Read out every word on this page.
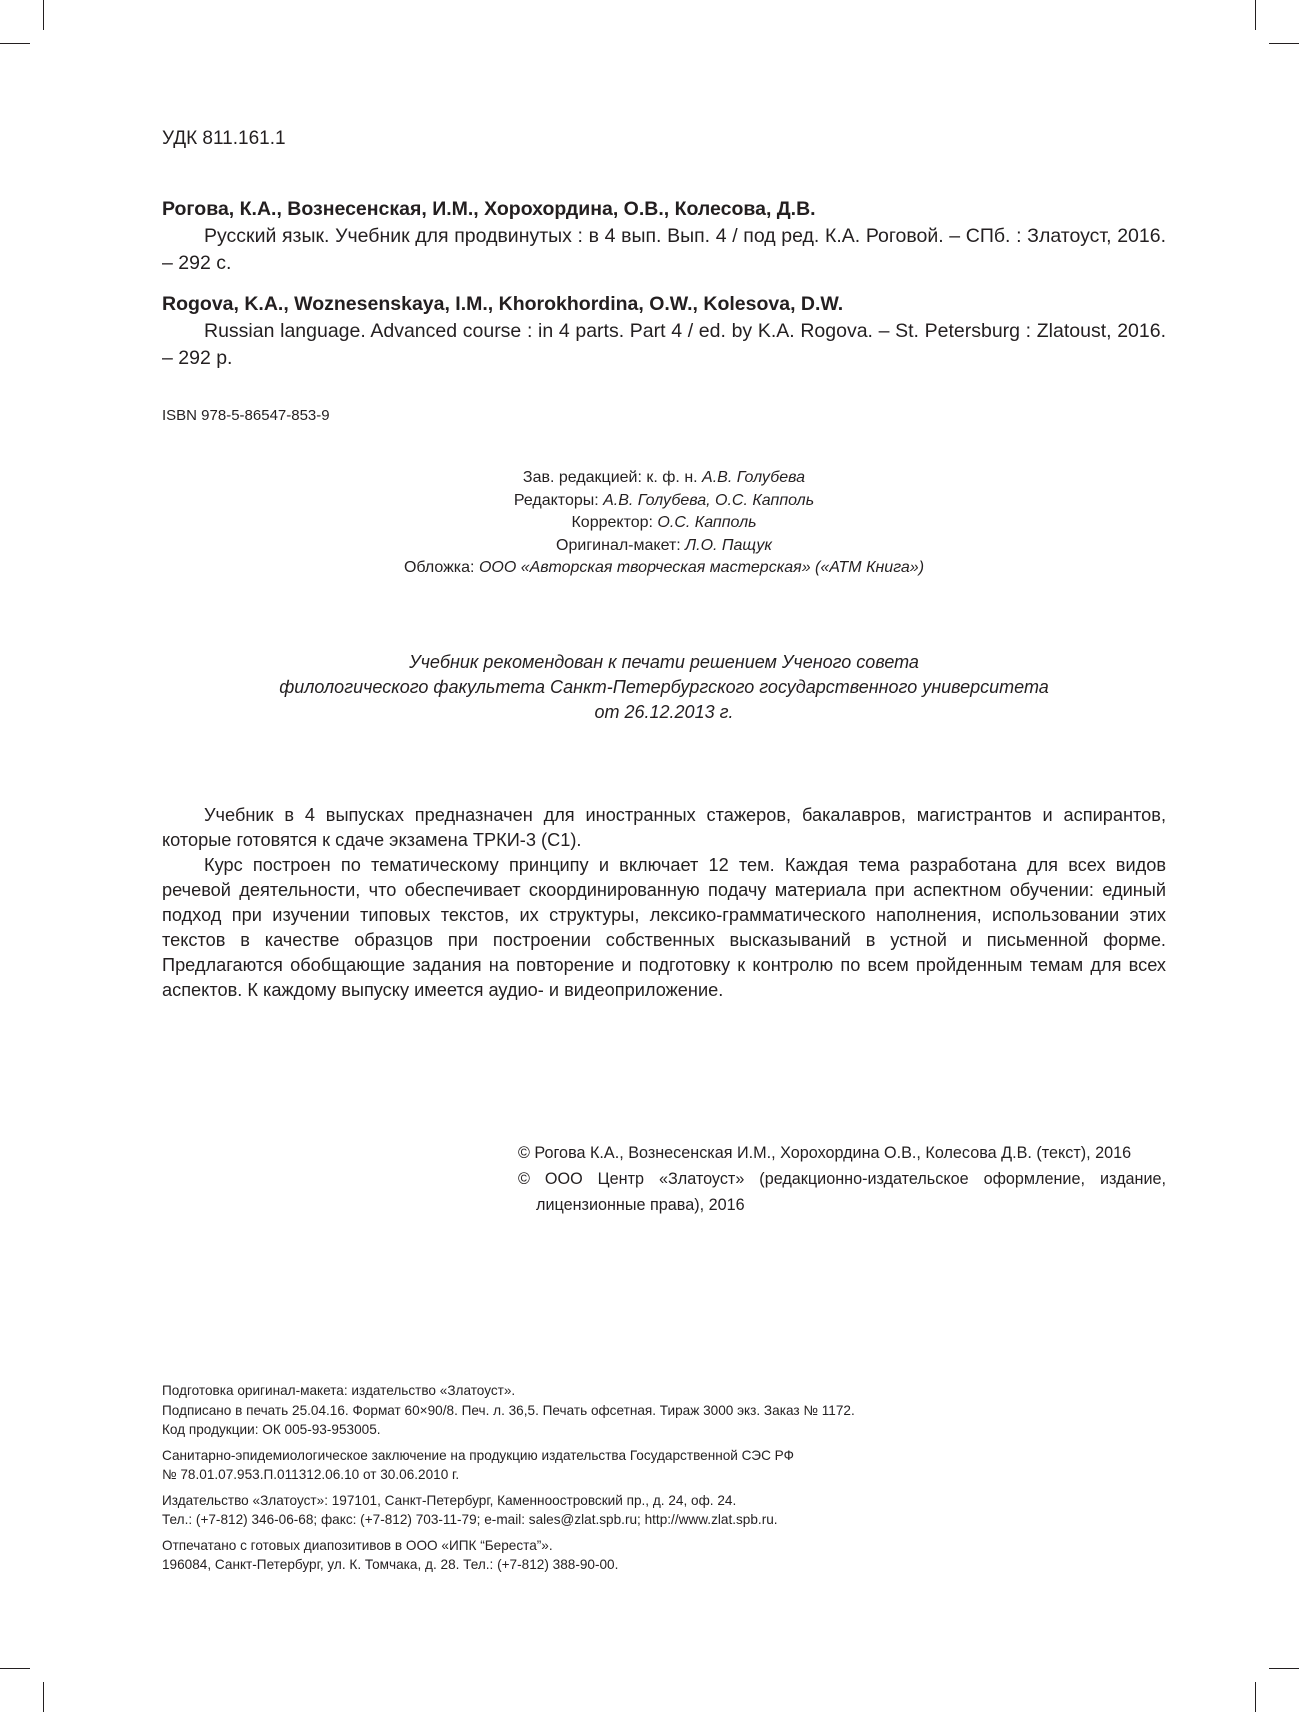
УДК 811.161.1
Рогова, К.А., Вознесенская, И.М., Хорохордина, О.В., Колесова, Д.В.
Русский язык. Учебник для продвинутых : в 4 вып. Вып. 4 / под ред. К.А. Роговой. – СПб. : Златоуст, 2016. – 292 с.
Rogova, K.A., Woznesenskaya, I.M., Khorokhordina, O.W., Kolesova, D.W.
Russian language. Advanced course : in 4 parts. Part 4 / ed. by K.A. Rogova. – St. Petersburg : Zlatoust, 2016. – 292 p.
ISBN 978-5-86547-853-9
Зав. редакцией: к. ф. н. А.В. Голубева
Редакторы: А.В. Голубева, О.С. Капполь
Корректор: О.С. Капполь
Оригинал-макет: Л.О. Пащук
Обложка: ООО «Авторская творческая мастерская» («АТМ Книга»)
Учебник рекомендован к печати решением Ученого совета
филологического факультета Санкт-Петербургского государственного университета
от 26.12.2013 г.

Учебник в 4 выпусках предназначен для иностранных стажеров, бакалавров, магистрантов и аспирантов, которые готовятся к сдаче экзамена ТРКИ-3 (С1).

Курс построен по тематическому принципу и включает 12 тем. Каждая тема разработана для всех видов речевой деятельности, что обеспечивает скоординированную подачу материала при аспектном обучении: единый подход при изучении типовых текстов, их структуры, лексико-грамматического наполнения, использовании этих текстов в качестве образцов при построении собственных высказываний в устной и письменной форме. Предлагаются обобщающие задания на повторение и подготовку к контролю по всем пройденным темам для всех аспектов. К каждому выпуску имеется аудио- и видеоприложение.

© Рогова К.А., Вознесенская И.М., Хорохордина О.В., Колесова Д.В. (текст), 2016

© ООО Центр «Златоуст» (редакционно-издательское оформление, издание, лицензионные права), 2016

Подготовка оригинал-макета: издательство «Златоуст».
Подписано в печать 25.04.16. Формат 60×90/8. Печ. л. 36,5. Печать офсетная. Тираж 3000 экз. Заказ № 1172.
Код продукции: ОК 005-93-953005.

Санитарно-эпидемиологическое заключение на продукцию издательства Государственной СЭС РФ
№ 78.01.07.953.П.011312.06.10 от 30.06.2010 г.

Издательство «Златоуст»: 197101, Санкт-Петербург, Каменноостровский пр., д. 24, оф. 24.
Тел.: (+7-812) 346-06-68; факс: (+7-812) 703-11-79; e-mail: sales@zlat.spb.ru; http://www.zlat.spb.ru.

Отпечатано с готовых диапозитивов в ООО «ИПК “Береста”».
196084, Санкт-Петербург, ул. К. Томчака, д. 28. Тел.: (+7-812) 388-90-00.
